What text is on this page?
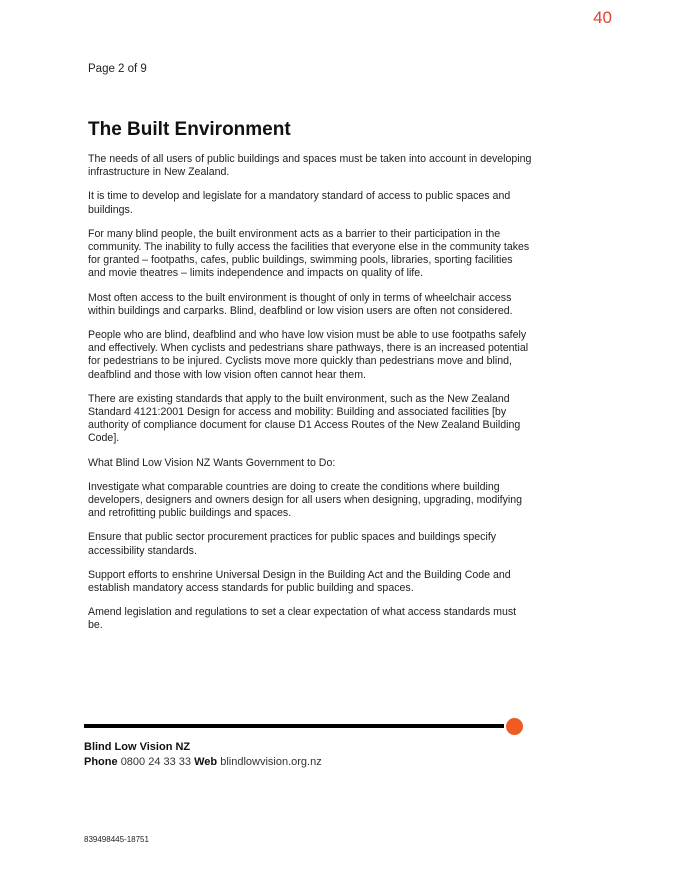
40
Page 2 of 9
The Built Environment

The needs of all users of public buildings and spaces must be taken into account in developing infrastructure in New Zealand.

It is time to develop and legislate for a mandatory standard of access to public spaces and buildings.

For many blind people, the built environment acts as a barrier to their participation in the community. The inability to fully access the facilities that everyone else in the community takes for granted – footpaths, cafes, public buildings, swimming pools, libraries, sporting facilities and movie theatres – limits independence and impacts on quality of life.

Most often access to the built environment is thought of only in terms of wheelchair access within buildings and carparks. Blind, deafblind or low vision users are often not considered.

People who are blind, deafblind and who have low vision must be able to use footpaths safely and effectively. When cyclists and pedestrians share pathways, there is an increased potential for pedestrians to be injured. Cyclists move more quickly than pedestrians move and blind, deafblind and those with low vision often cannot hear them.

There are existing standards that apply to the built environment, such as the New Zealand Standard 4121:2001 Design for access and mobility: Building and associated facilities [by authority of compliance document for clause D1 Access Routes of the New Zealand Building Code].

What Blind Low Vision NZ Wants Government to Do:

Investigate what comparable countries are doing to create the conditions where building developers, designers and owners design for all users when designing, upgrading, modifying and retrofitting public buildings and spaces.

Ensure that public sector procurement practices for public spaces and buildings specify accessibility standards.

Support efforts to enshrine Universal Design in the Building Act and the Building Code and establish mandatory access standards for public building and spaces.

Amend legislation and regulations to set a clear expectation of what access standards must be.

Blind Low Vision NZ
Phone 0800 24 33 33 Web blindlowvision.org.nz
839498445-18751
